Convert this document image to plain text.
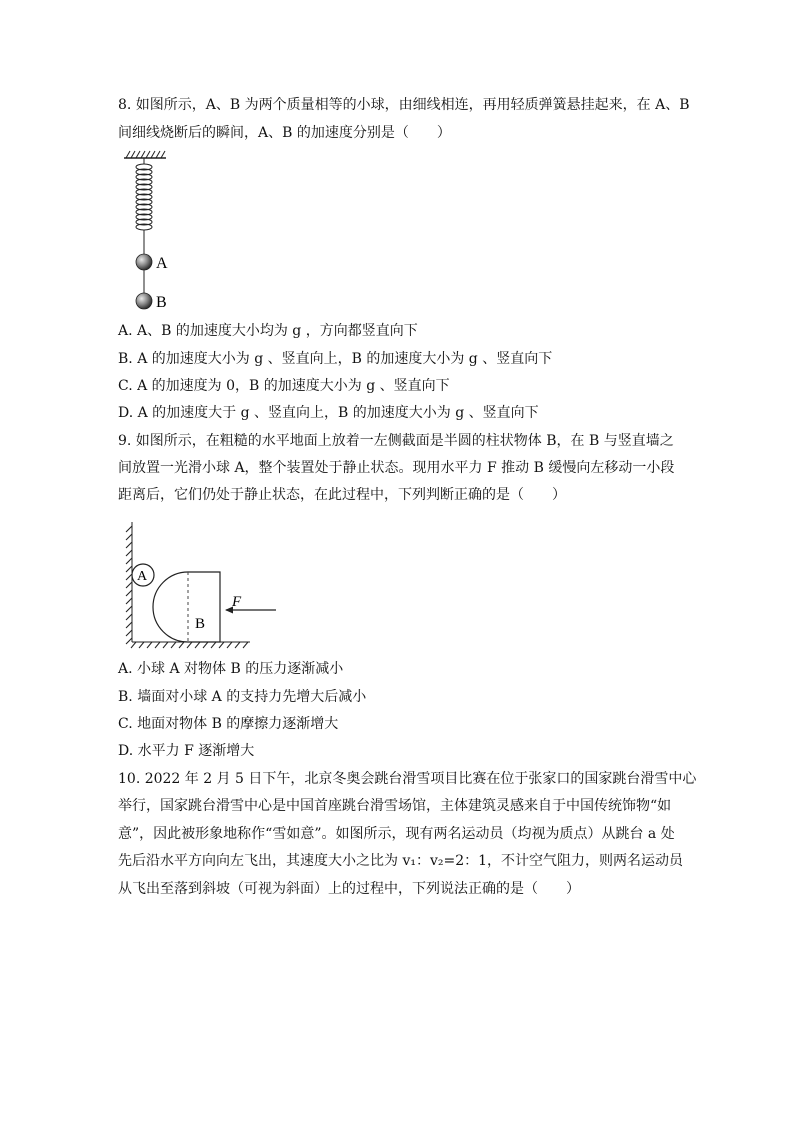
8. 如图所示，A、B 为两个质量相等的小球，由细线相连，再用轻质弹簧悬挂起来，在 A、B
间细线烧断后的瞬间，A、B 的加速度分别是（　　）
A
B
A. A、B 的加速度大小均为 g ，方向都竖直向下
B. A 的加速度大小为 g 、竖直向上，B 的加速度大小为 g 、竖直向下
C. A 的加速度为 0，B 的加速度大小为 g 、竖直向下
D. A 的加速度大于 g 、竖直向上，B 的加速度大小为 g 、竖直向下
9. 如图所示，在粗糙的水平地面上放着一左侧截面是半圆的柱状物体 B，在 B 与竖直墙之
间放置一光滑小球 A，整个装置处于静止状态。现用水平力 F 推动 B 缓慢向左移动一小段
距离后，它们仍处于静止状态，在此过程中，下列判断正确的是（　　）
A
B
F
A. 小球 A 对物体 B 的压力逐渐减小
B. 墙面对小球 A 的支持力先增大后减小
C. 地面对物体 B 的摩擦力逐渐增大
D. 水平力 F 逐渐增大
10. 2022 年 2 月 5 日下午，北京冬奥会跳台滑雪项目比赛在位于张家口的国家跳台滑雪中心
举行，国家跳台滑雪中心是中国首座跳台滑雪场馆，主体建筑灵感来自于中国传统饰物“如
意”，因此被形象地称作“雪如意”。如图所示，现有两名运动员（均视为质点）从跳台 a 处
先后沿水平方向向左飞出，其速度大小之比为 v₁：v₂=2：1，不计空气阻力，则两名运动员
从飞出至落到斜坡（可视为斜面）上的过程中，下列说法正确的是（　　）
